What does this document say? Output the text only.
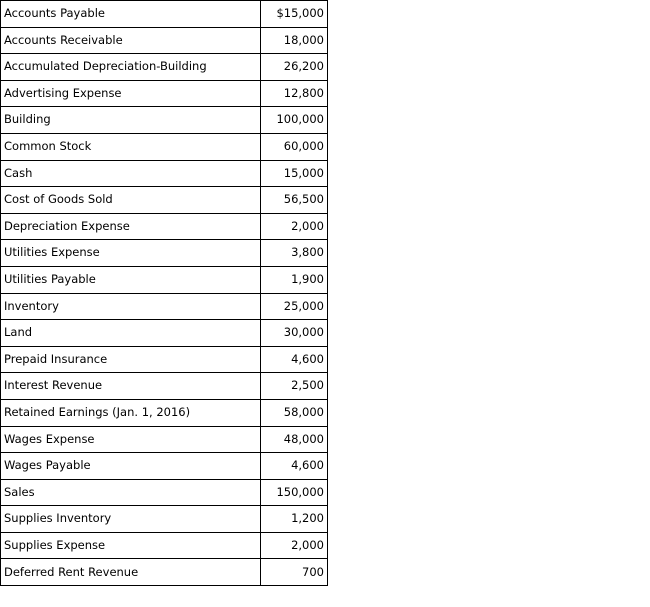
Accounts Payable	$15,000
Accounts Receivable	18,000
Accumulated Depreciation-Building	26,200
Advertising Expense	12,800
Building	100,000
Common Stock	60,000
Cash	15,000
Cost of Goods Sold	56,500
Depreciation Expense	2,000
Utilities Expense	3,800
Utilities Payable	1,900
Inventory	25,000
Land	30,000
Prepaid Insurance	4,600
Interest Revenue	2,500
Retained Earnings (Jan. 1, 2016)	58,000
Wages Expense	48,000
Wages Payable	4,600
Sales	150,000
Supplies Inventory	1,200
Supplies Expense	2,000
Deferred Rent Revenue	700
